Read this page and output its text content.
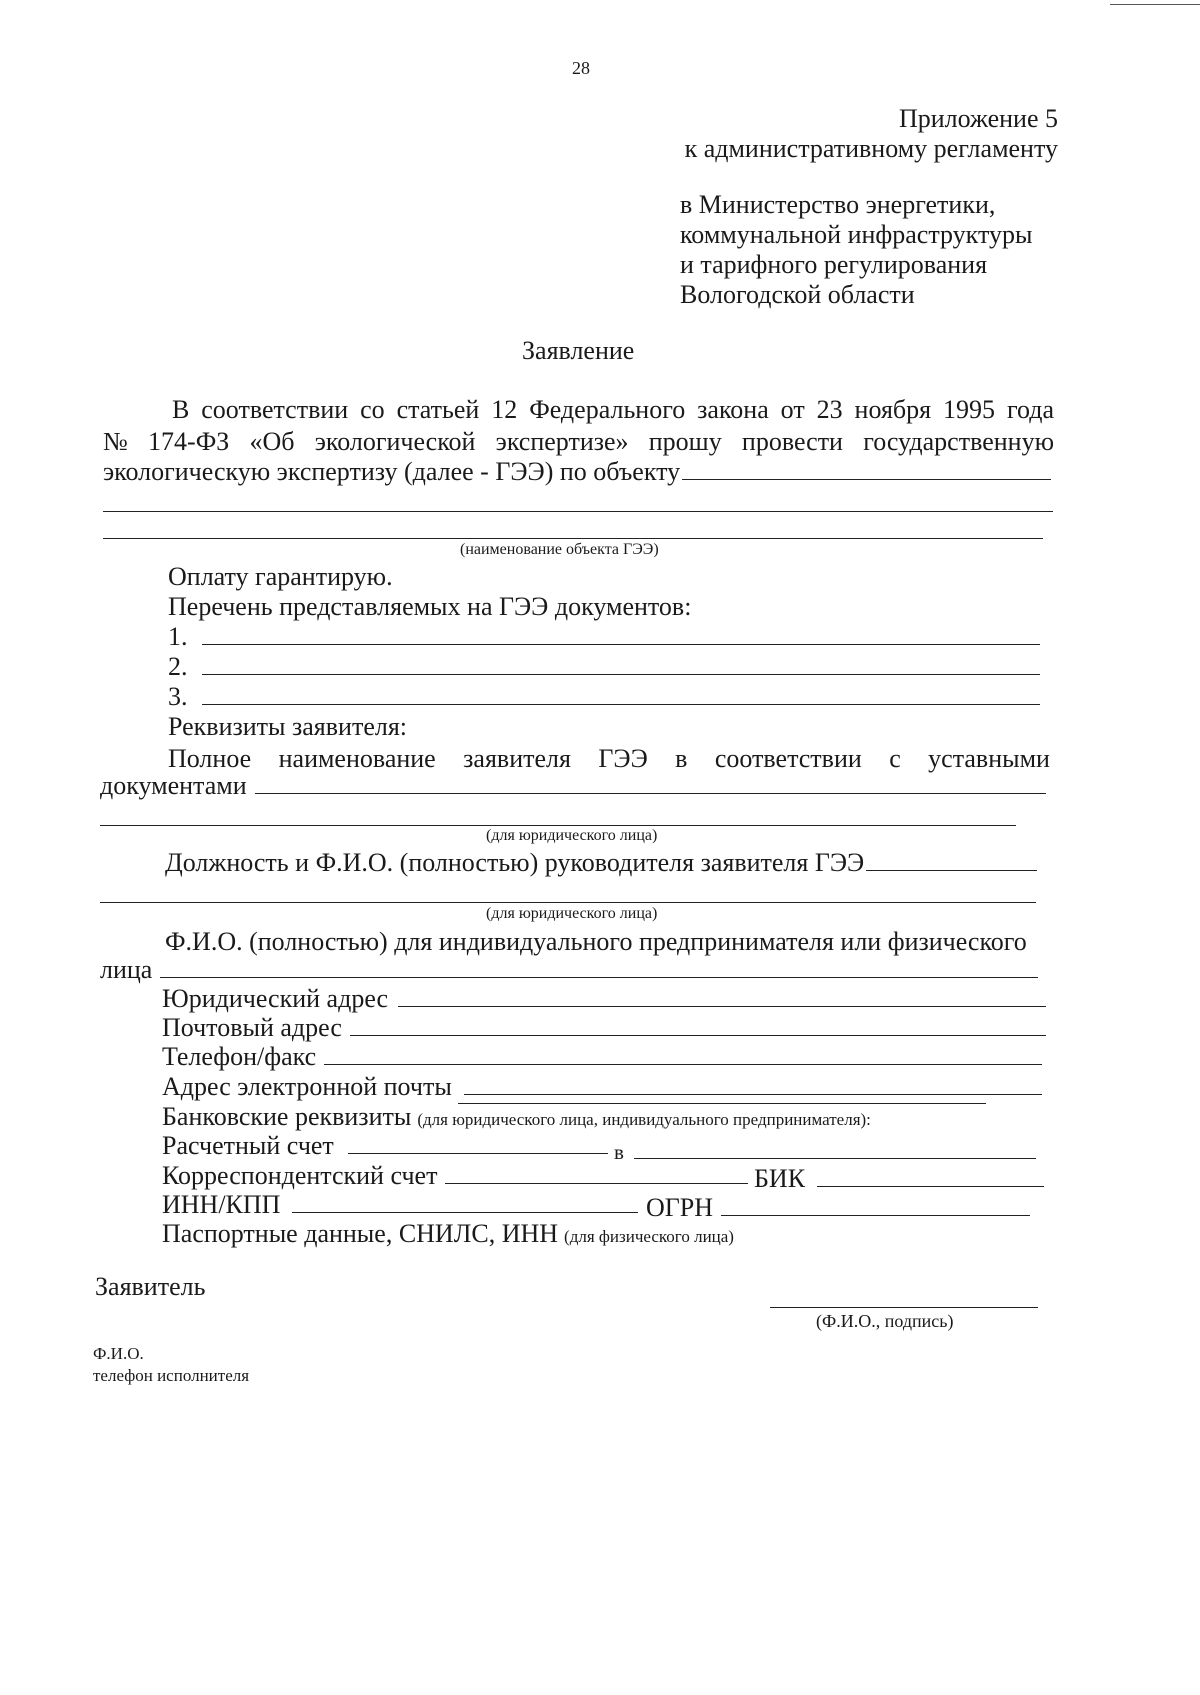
28
Приложение 5
к административному регламенту
в Министерство энергетики,
коммунальной инфраструктуры
и тарифного регулирования
Вологодской области
Заявление
В соответствии со статьей 12 Федерального закона от 23 ноября 1995 года
№ 174-ФЗ «Об экологической экспертизе» прошу провести государственную
экологическую экспертизу (далее - ГЭЭ) по объекту
(наименование объекта ГЭЭ)
Оплату гарантирую.
Перечень представляемых на ГЭЭ документов:
1.
2.
3.
Реквизиты заявителя:
Полное наименование заявителя ГЭЭ в соответствии с уставными
документами
(для юридического лица)
Должность и Ф.И.О. (полностью) руководителя заявителя ГЭЭ
(для юридического лица)
Ф.И.О. (полностью) для индивидуального предпринимателя или физического
лица
Юридический адрес
Почтовый адрес
Телефон/факс
Адрес электронной почты
Банковские реквизиты (для юридического лица, индивидуального предпринимателя):
Расчетный счет	в
Корреспондентский счет	БИК
ИНН/КПП	ОГРН
Паспортные данные, СНИЛС, ИНН (для физического лица)
Заявитель
(Ф.И.О., подпись)
Ф.И.О.
телефон исполнителя
